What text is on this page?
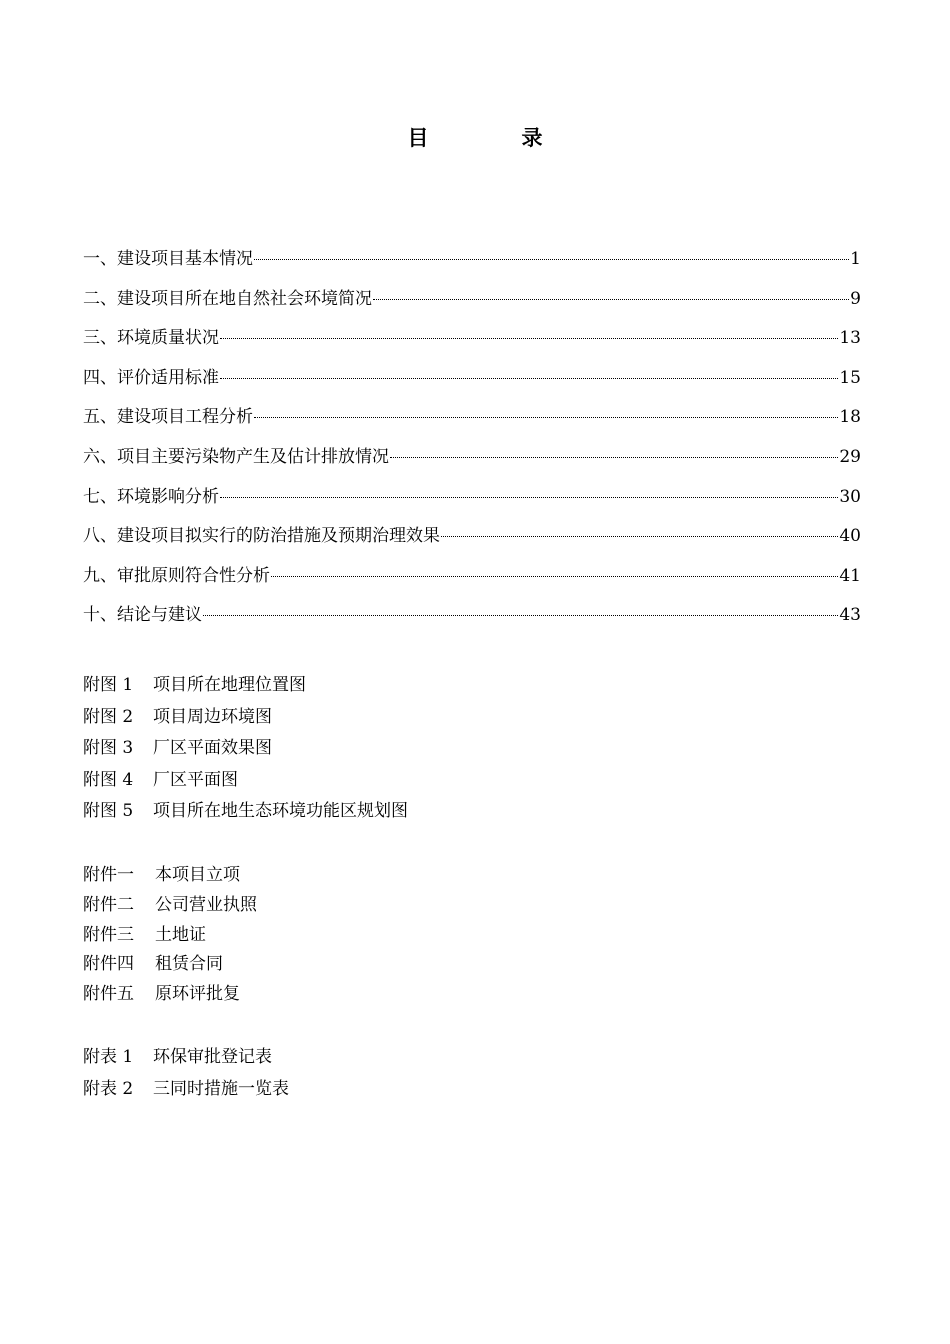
目　录
一、建设项目基本情况	1
二、建设项目所在地自然社会环境简况	9
三、环境质量状况	13
四、评价适用标准	15
五、建设项目工程分析	18
六、项目主要污染物产生及估计排放情况	29
七、环境影响分析	30
八、建设项目拟实行的防治措施及预期治理效果	40
九、审批原则符合性分析	41
十、结论与建议	43
附图 1	项目所在地理位置图
附图 2	项目周边环境图
附图 3	厂区平面效果图
附图 4	厂区平面图
附图 5	项目所在地生态环境功能区规划图
附件一	本项目立项
附件二	公司营业执照
附件三	土地证
附件四	租赁合同
附件五	原环评批复
附表 1	环保审批登记表
附表 2	三同时措施一览表
